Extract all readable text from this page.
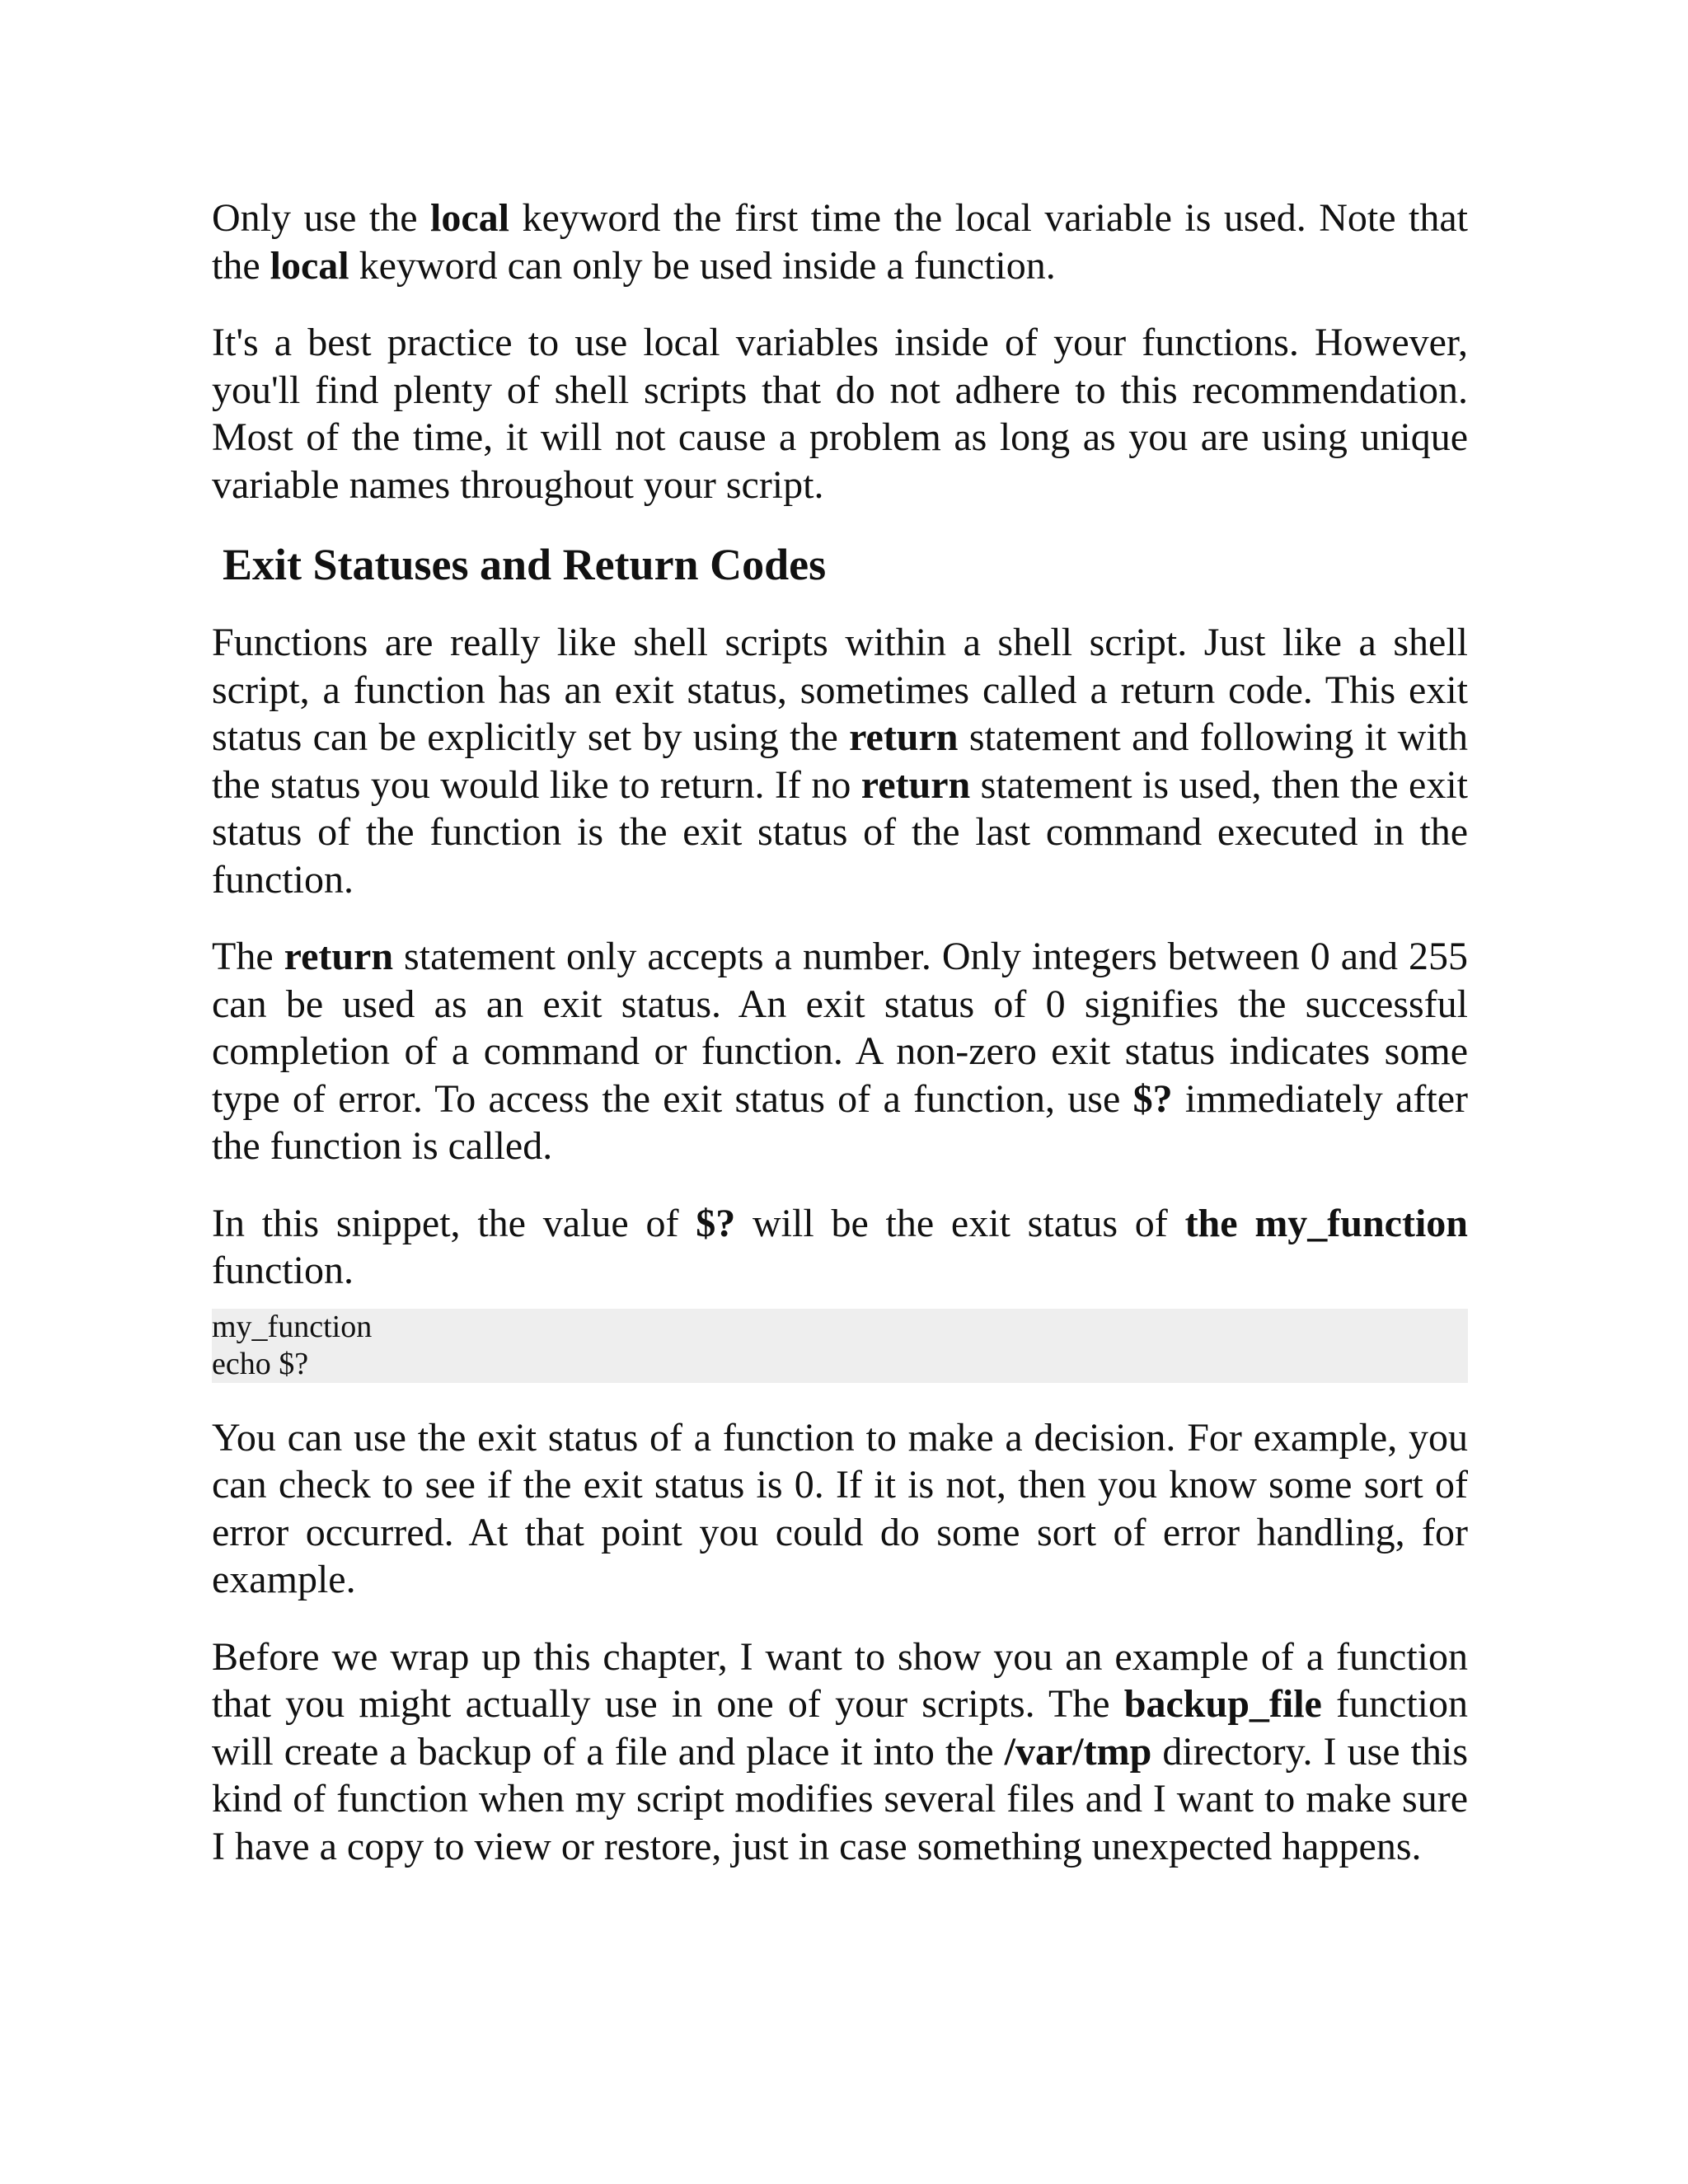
Only use the local keyword the first time the local variable is used. Note that the local keyword can only be used inside a function.

It's a best practice to use local variables inside of your functions. However, you'll find plenty of shell scripts that do not adhere to this recommendation. Most of the time, it will not cause a problem as long as you are using unique variable names throughout your script.

Exit Statuses and Return Codes

Functions are really like shell scripts within a shell script. Just like a shell script, a function has an exit status, sometimes called a return code. This exit status can be explicitly set by using the return statement and following it with the status you would like to return. If no return statement is used, then the exit status of the function is the exit status of the last command executed in the function.

The return statement only accepts a number. Only integers between 0 and 255 can be used as an exit status. An exit status of 0 signifies the successful completion of a command or function. A non-zero exit status indicates some type of error. To access the exit status of a function, use $? immediately after the function is called.

In this snippet, the value of $? will be the exit status of the my_function function.

my_function
echo $?

You can use the exit status of a function to make a decision. For example, you can check to see if the exit status is 0. If it is not, then you know some sort of error occurred. At that point you could do some sort of error handling, for example.

Before we wrap up this chapter, I want to show you an example of a function that you might actually use in one of your scripts. The backup_file function will create a backup of a file and place it into the /var/tmp directory. I use this kind of function when my script modifies several files and I want to make sure I have a copy to view or restore, just in case something unexpected happens.
